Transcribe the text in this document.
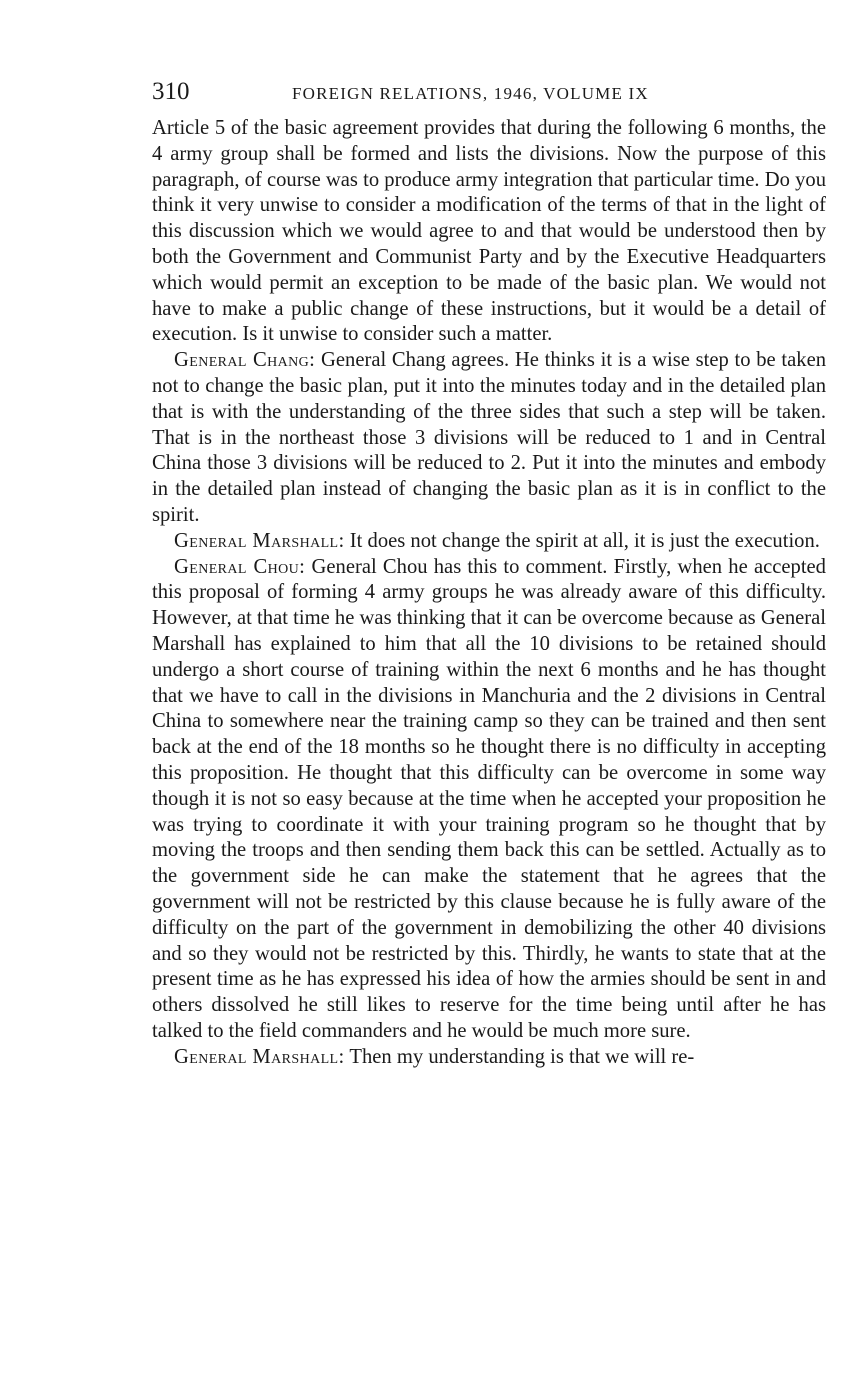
310	FOREIGN RELATIONS, 1946, VOLUME IX

Article 5 of the basic agreement provides that during the following 6 months, the 4 army group shall be formed and lists the divisions. Now the purpose of this paragraph, of course was to produce army integration that particular time. Do you think it very unwise to consider a modification of the terms of that in the light of this discussion which we would agree to and that would be understood then by both the Government and Communist Party and by the Executive Headquarters which would permit an exception to be made of the basic plan. We would not have to make a public change of these instructions, but it would be a detail of execution. Is it unwise to consider such a matter.

General Chang: General Chang agrees. He thinks it is a wise step to be taken not to change the basic plan, put it into the minutes today and in the detailed plan that is with the understanding of the three sides that such a step will be taken. That is in the northeast those 3 divisions will be reduced to 1 and in Central China those 3 divisions will be reduced to 2. Put it into the minutes and embody in the detailed plan instead of changing the basic plan as it is in conflict to the spirit.

General Marshall: It does not change the spirit at all, it is just the execution.

General Chou: General Chou has this to comment. Firstly, when he accepted this proposal of forming 4 army groups he was already aware of this difficulty. However, at that time he was thinking that it can be overcome because as General Marshall has explained to him that all the 10 divisions to be retained should undergo a short course of training within the next 6 months and he has thought that we have to call in the divisions in Manchuria and the 2 divisions in Central China to somewhere near the training camp so they can be trained and then sent back at the end of the 18 months so he thought there is no difficulty in accepting this proposition. He thought that this difficulty can be overcome in some way though it is not so easy because at the time when he accepted your proposition he was trying to coordinate it with your training program so he thought that by moving the troops and then sending them back this can be settled. Actually as to the government side he can make the statement that he agrees that the government will not be restricted by this clause because he is fully aware of the difficulty on the part of the government in demobilizing the other 40 divisions and so they would not be restricted by this. Thirdly, he wants to state that at the present time as he has expressed his idea of how the armies should be sent in and others dissolved he still likes to reserve for the time being until after he has talked to the field commanders and he would be much more sure.

General Marshall: Then my understanding is that we will re-
